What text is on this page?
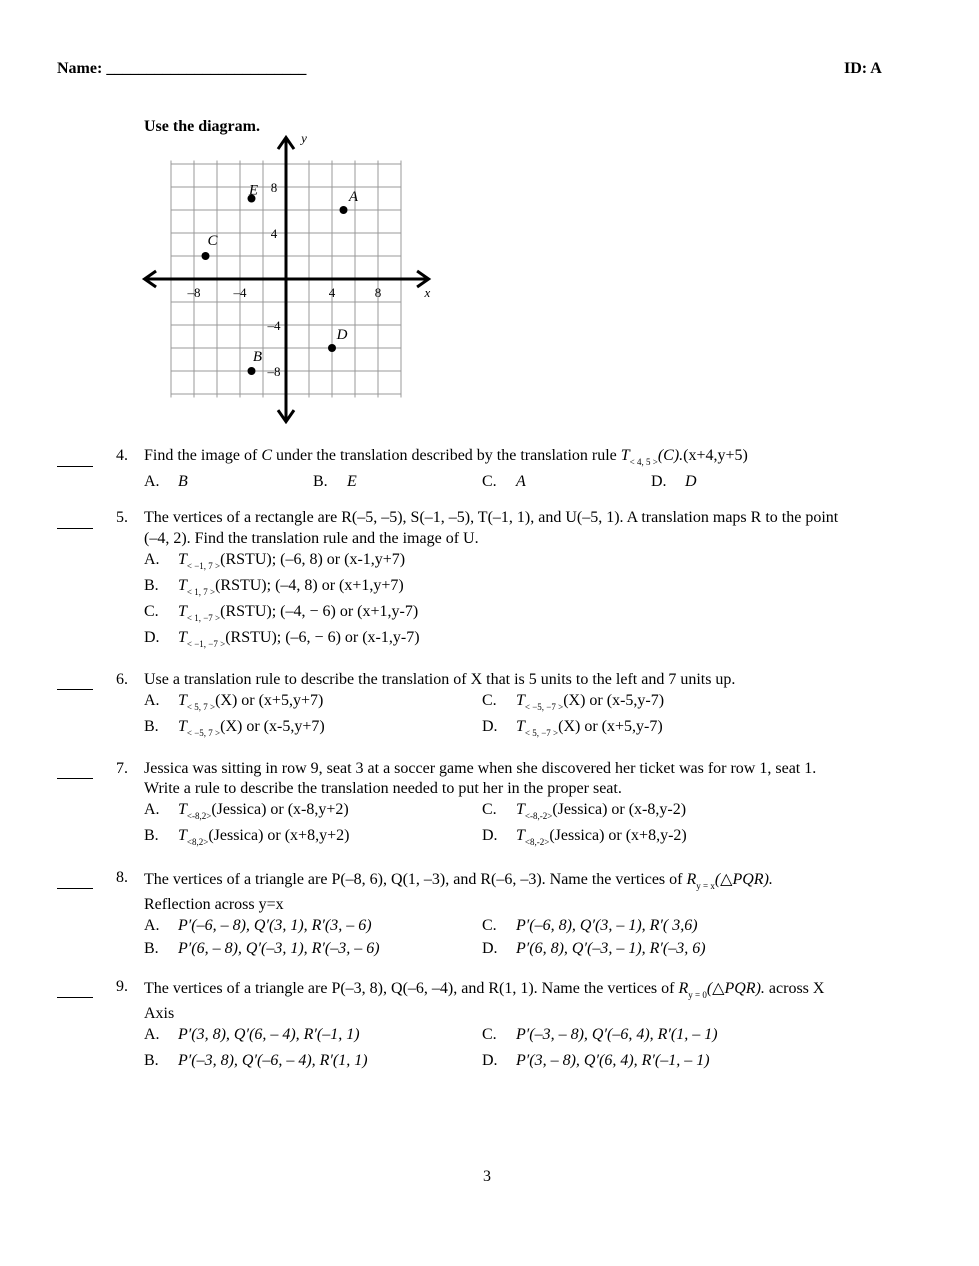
Name: _________________________	ID: A
Use the diagram.
–8	–4	4	8
8
4
–4
–8
x
y
E	A
C
D
B
4. Find the image of C under the translation described by the translation rule $T_{< 4, 5 >}(C).(x+4,y+5)$
A. B	B. E	C. A	D. D
5. The vertices of a rectangle are R(–5, –5), S(–1, –5), T(–1, 1), and U(–5, 1). A translation maps R to the point
(–4, 2). Find the translation rule and the image of U.
A. $T_{< -1, 7 >}(RSTU)$; (–6, 8) or (x-1,y+7)
B. $T_{< 1, 7 >}(RSTU)$; (–4, 8) or (x+1,y+7)
C. $T_{< 1, -7 >}(RSTU)$; (–4, − 6) or (x+1,y-7)
D. $T_{< -1, -7 >}(RSTU)$; (–6, − 6) or (x-1,y-7)
6. Use a translation rule to describe the translation of X that is 5 units to the left and 7 units up.
A. $T_{< 5, 7 >}(X)$ or (x+5,y+7)	C. $T_{< -5, -7 >}(X)$ or (x-5,y-7)
B. $T_{< -5, 7 >}(X)$ or (x-5,y+7)	D. $T_{< 5, -7 >}(X)$ or (x+5,y-7)
7. Jessica was sitting in row 9, seat 3 at a soccer game when she discovered her ticket was for row 1, seat 1.
Write a rule to describe the translation needed to put her in the proper seat.
A. $T_{<-8,2>}(Jessica)$ or (x-8,y+2)	C. $T_{<-8,-2>}(Jessica)$ or (x-8,y-2)
B. $T_{<8,2>}(Jessica)$ or (x+8,y+2)	D. $T_{<8,-2>}(Jessica)$ or (x+8,y-2)
8. The vertices of a triangle are P(–8, 6), Q(1, –3), and R(–6, –3). Name the vertices of $R_{y = x}(\triangle PQR)$.
Reflection across y=x
A. P′(–6, – 8), Q′(3, 1), R′(3, – 6)	C. P′(–6, 8), Q′(3, – 1), R′( 3,6)
B. P′(6, – 8), Q′(–3, 1), R′(–3, – 6)	D. P′(6, 8), Q′(–3, – 1), R′(–3, 6)
9. The vertices of a triangle are P(–3, 8), Q(–6, –4), and R(1, 1). Name the vertices of $R_{y = 0}(\triangle PQR)$. across X
Axis
A. P′(3, 8), Q′(6, – 4), R′(–1, 1)	C. P′(–3, – 8), Q′(–6, 4), R′(1, – 1)
B. P′(–3, 8), Q′(–6, – 4), R′(1, 1)	D. P′(3, – 8), Q′(6, 4), R′(–1, – 1)
3
